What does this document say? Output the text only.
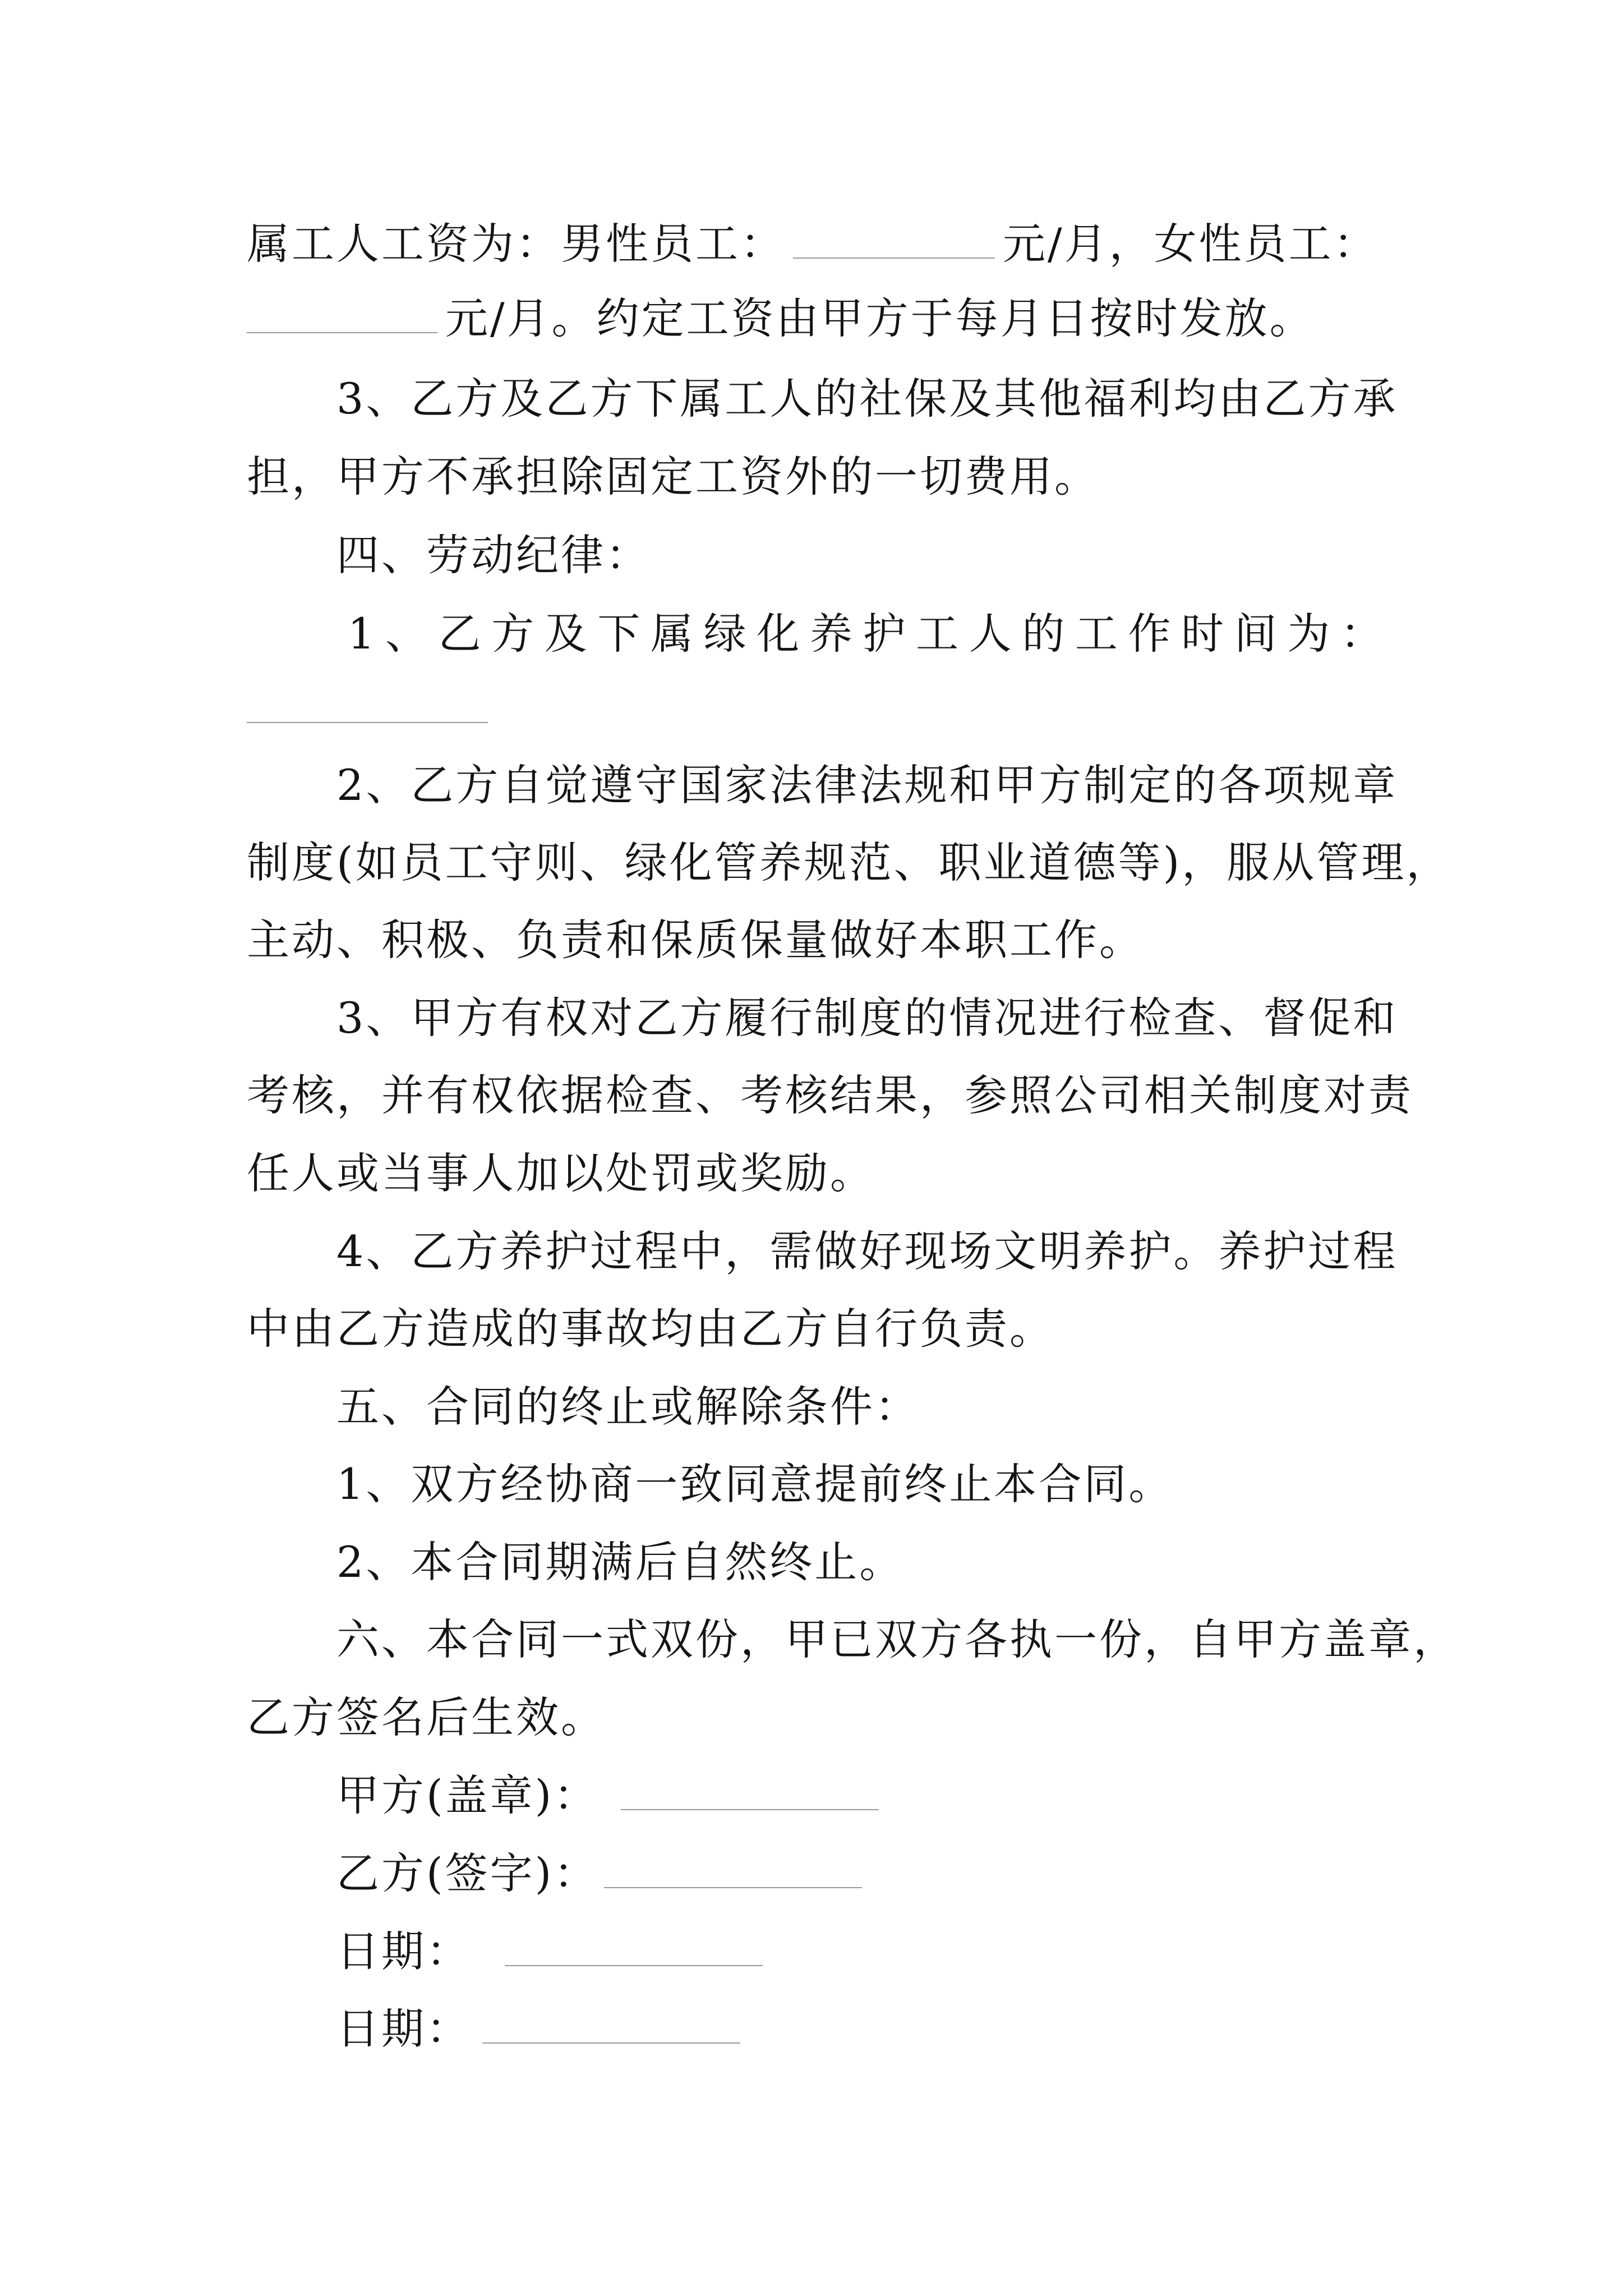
属工人工资为：男性员工：	元/月，女性员工：
元/月。约定工资由甲方于每月日按时发放。
3、乙方及乙方下属工人的社保及其他福利均由乙方承
担，甲方不承担除固定工资外的一切费用。
四、劳动纪律：
1、乙方及下属绿化养护工人的工作时间为：
2、乙方自觉遵守国家法律法规和甲方制定的各项规章
制度(如员工守则、绿化管养规范、职业道德等)，服从管理，
主动、积极、负责和保质保量做好本职工作。
3、甲方有权对乙方履行制度的情况进行检查、督促和
考核，并有权依据检查、考核结果，参照公司相关制度对责
任人或当事人加以处罚或奖励。
4、乙方养护过程中，需做好现场文明养护。养护过程
中由乙方造成的事故均由乙方自行负责。
五、合同的终止或解除条件：
1、双方经协商一致同意提前终止本合同。
2、本合同期满后自然终止。
六、本合同一式双份，甲已双方各执一份，自甲方盖章，
乙方签名后生效。
甲方(盖章)：
乙方(签字)：
日期：
日期：
